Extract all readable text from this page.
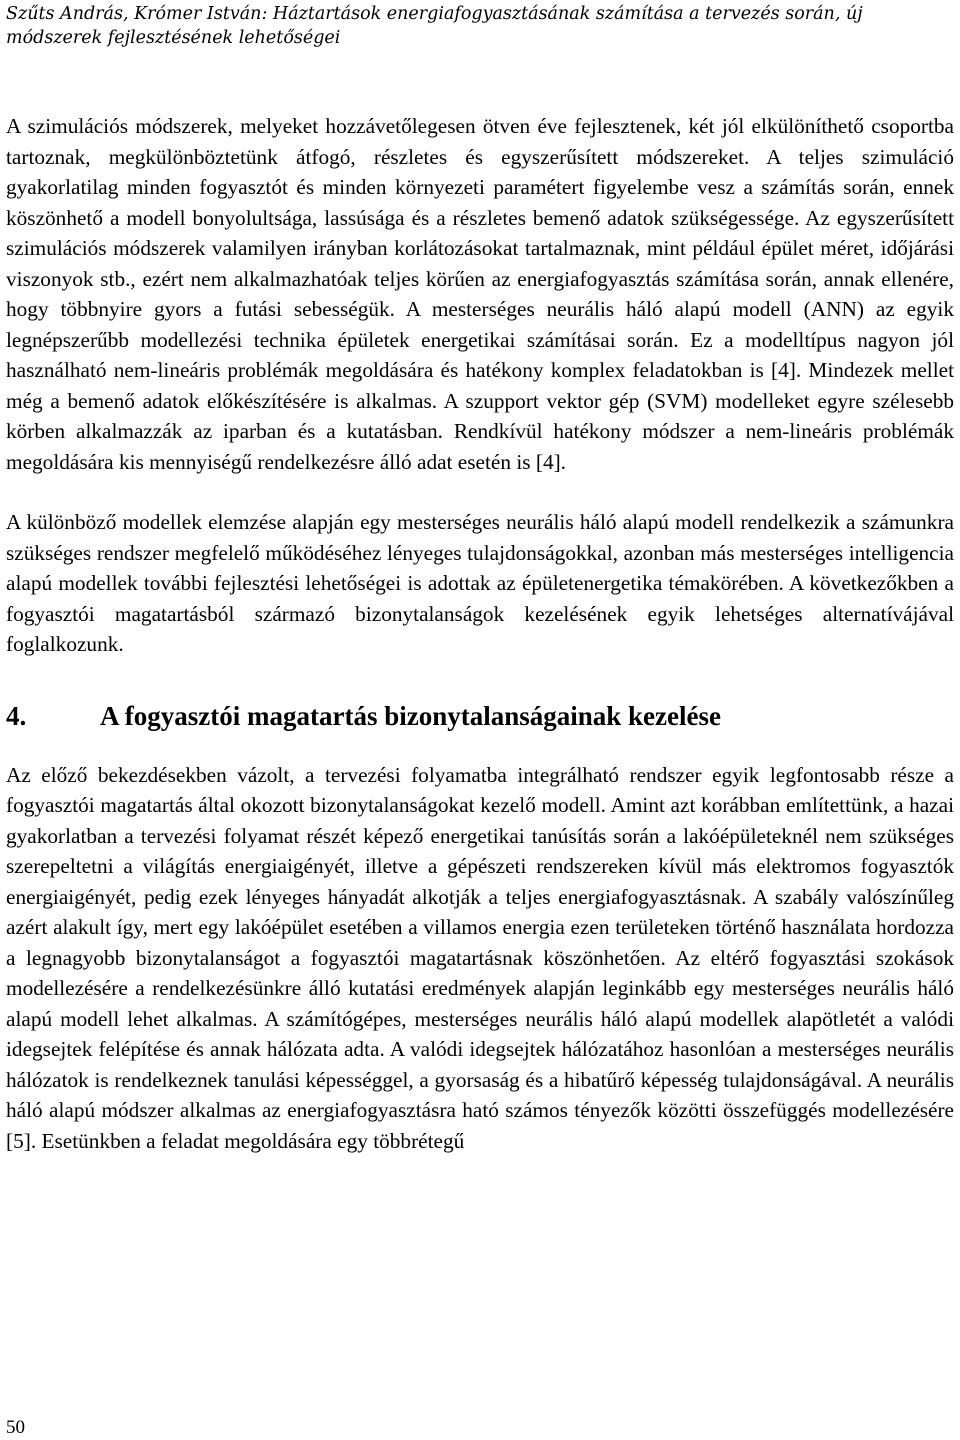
Szűts András, Krómer István: Háztartások energiafogyasztásának számítása a tervezés során, új módszerek fejlesztésének lehetőségei

A szimulációs módszerek, melyeket hozzávetőlegesen ötven éve fejlesztenek, két jól elkülöníthető csoportba tartoznak, megkülönböztetünk átfogó, részletes és egyszerűsített módszereket. A teljes szimuláció gyakorlatilag minden fogyasztót és minden környezeti paramétert figyelembe vesz a számítás során, ennek köszönhető a modell bonyolultsága, lassúsága és a részletes bemenő adatok szükségessége. Az egyszerűsített szimulációs módszerek valamilyen irányban korlátozásokat tartalmaznak, mint például épület méret, időjárási viszonyok stb., ezért nem alkalmazhatóak teljes körűen az energiafogyasztás számítása során, annak ellenére, hogy többnyire gyors a futási sebességük. A mesterséges neurális háló alapú modell (ANN) az egyik legnépszerűbb modellezési technika épületek energetikai számításai során. Ez a modelltípus nagyon jól használható nem-lineáris problémák megoldására és hatékony komplex feladatokban is [4]. Mindezek mellet még a bemenő adatok előkészítésére is alkalmas. A szupport vektor gép (SVM) modelleket egyre szélesebb körben alkalmazzák az iparban és a kutatásban. Rendkívül hatékony módszer a nem-lineáris problémák megoldására kis mennyiségű rendelkezésre álló adat esetén is [4].

A különböző modellek elemzése alapján egy mesterséges neurális háló alapú modell rendelkezik a számunkra szükséges rendszer megfelelő működéséhez lényeges tulajdonságokkal, azonban más mesterséges intelligencia alapú modellek további fejlesztési lehetőségei is adottak az épületenergetika témakörében. A következőkben a fogyasztói magatartásból származó bizonytalanságok kezelésének egyik lehetséges alternatívájával foglalkozunk.

4.	A fogyasztói magatartás bizonytalanságainak kezelése

Az előző bekezdésekben vázolt, a tervezési folyamatba integrálható rendszer egyik legfontosabb része a fogyasztói magatartás által okozott bizonytalanságokat kezelő modell. Amint azt korábban említettünk, a hazai gyakorlatban a tervezési folyamat részét képező energetikai tanúsítás során a lakóépületeknél nem szükséges szerepeltetni a világítás energiaigényét, illetve a gépészeti rendszereken kívül más elektromos fogyasztók energiaigényét, pedig ezek lényeges hányadát alkotják a teljes energiafogyasztásnak. A szabály valószínűleg azért alakult így, mert egy lakóépület esetében a villamos energia ezen területeken történő használata hordozza a legnagyobb bizonytalanságot a fogyasztói magatartásnak köszönhetően. Az eltérő fogyasztási szokások modellezésére a rendelkezésünkre álló kutatási eredmények alapján leginkább egy mesterséges neurális háló alapú modell lehet alkalmas. A számítógépes, mesterséges neurális háló alapú modellek alapötletét a valódi idegsejtek felépítése és annak hálózata adta. A valódi idegsejtek hálózatához hasonlóan a mesterséges neurális hálózatok is rendelkeznek tanulási képességgel, a gyorsaság és a hibatűrő képesség tulajdonságával. A neurális háló alapú módszer alkalmas az energiafogyasztásra ható számos tényezők közötti összefüggés modellezésére [5]. Esetünkben a feladat megoldására egy többrétegű

50
